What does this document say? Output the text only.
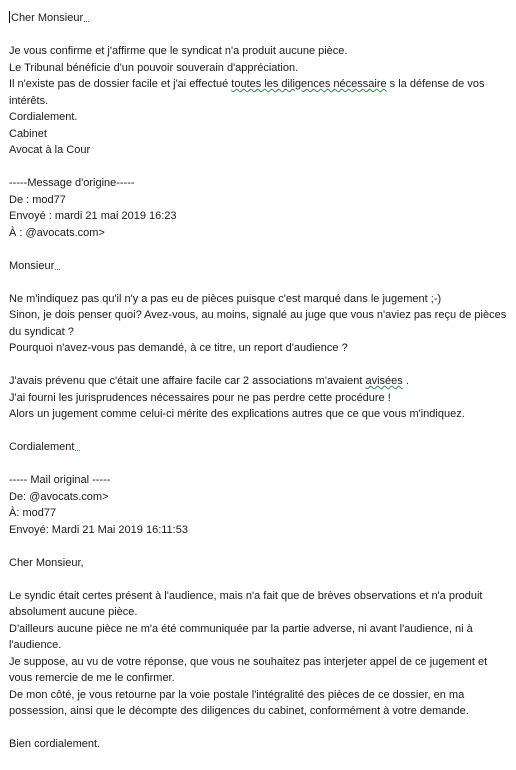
Cher Monsieur
Je vous confirme et j'affirme que le syndicat n'a produit aucune pièce.
Le Tribunal bénéficie d'un pouvoir souverain d'appréciation.
Il n'existe pas de dossier facile et j'ai effectué toutes les diligences nécessaire s la défense de vos
intérêts.
Cordialement.
Cabinet
Avocat à la Cour
-----Message d'origine-----
De : mod77
Envoyé : mardi 21 mai 2019 16:23
À : @avocats.com>
Monsieur
Ne m'indiquez pas qu'il n'y a pas eu de pièces puisque c'est marqué dans le jugement ;-)
Sinon, je dois penser quoi? Avez-vous, au moins, signalé au juge que vous n'aviez pas reçu de pièces
du syndicat ?
Pourquoi n'avez-vous pas demandé, à ce titre, un report d'audience ?
J'avais prévenu que c'était une affaire facile car 2 associations m'avaient avisées .
J'ai fourni les jurisprudences nécessaires pour ne pas perdre cette procédure !
Alors un jugement comme celui-ci mérite des explications autres que ce que vous m'indiquez.
Cordialement
----- Mail original -----
De: @avocats.com>
À: mod77
Envoyé: Mardi 21 Mai 2019 16:11:53
Cher Monsieur,
Le syndic était certes présent à l'audience, mais n'a fait que de brèves observations et n'a produit
absolument aucune pièce.
D'ailleurs aucune pièce ne m'a été communiquée par la partie adverse, ni avant l'audience, ni à
l'audience.
Je suppose, au vu de votre réponse, que vous ne souhaitez pas interjeter appel de ce jugement et
vous remercie de me le confirmer.
De mon côté, je vous retourne par la voie postale l'intégralité des pièces de ce dossier, en ma
possession, ainsi que le décompte des diligences du cabinet, conformément à votre demande.
Bien cordialement.
